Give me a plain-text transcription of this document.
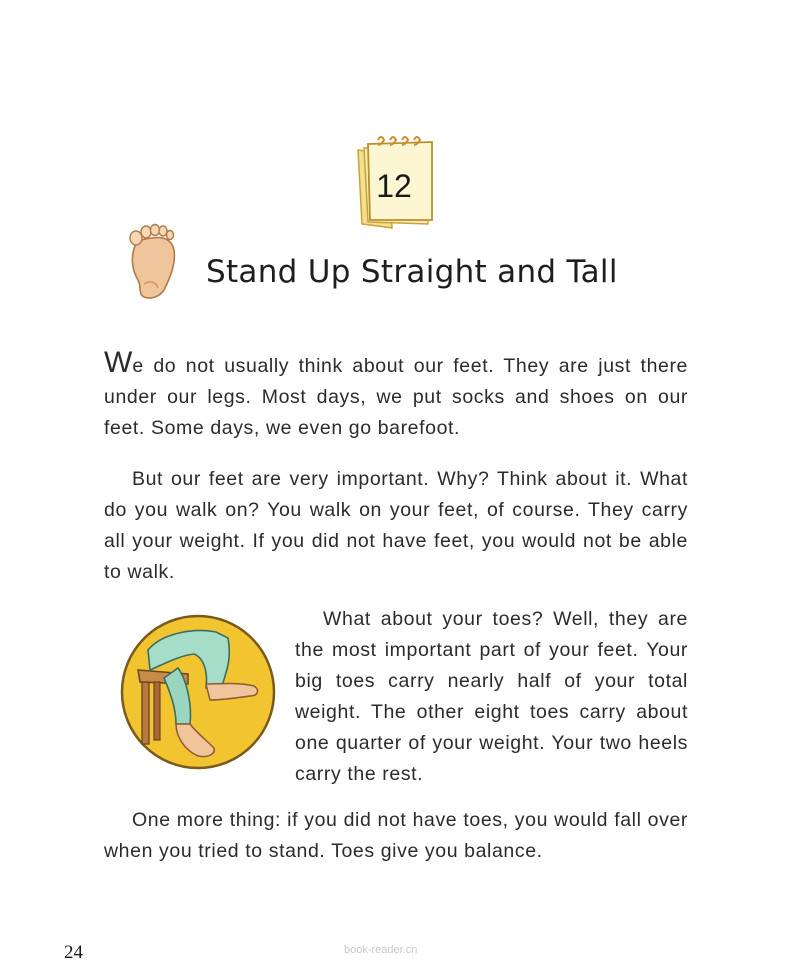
12
Stand Up Straight and Tall

We do not usually think about our feet. They are just there under our legs. Most days, we put socks and shoes on our feet. Some days, we even go barefoot.

But our feet are very important. Why? Think about it. What do you walk on? You walk on your feet, of course. They carry all your weight. If you did not have feet, you would not be able to walk.

What about your toes? Well, they are the most important part of your feet. Your big toes carry nearly half of your total weight. The other eight toes carry about one quarter of your weight. Your two heels carry the rest.

One more thing: if you did not have toes, you would fall over when you tried to stand. Toes give you balance.

24	book-reader.cn
